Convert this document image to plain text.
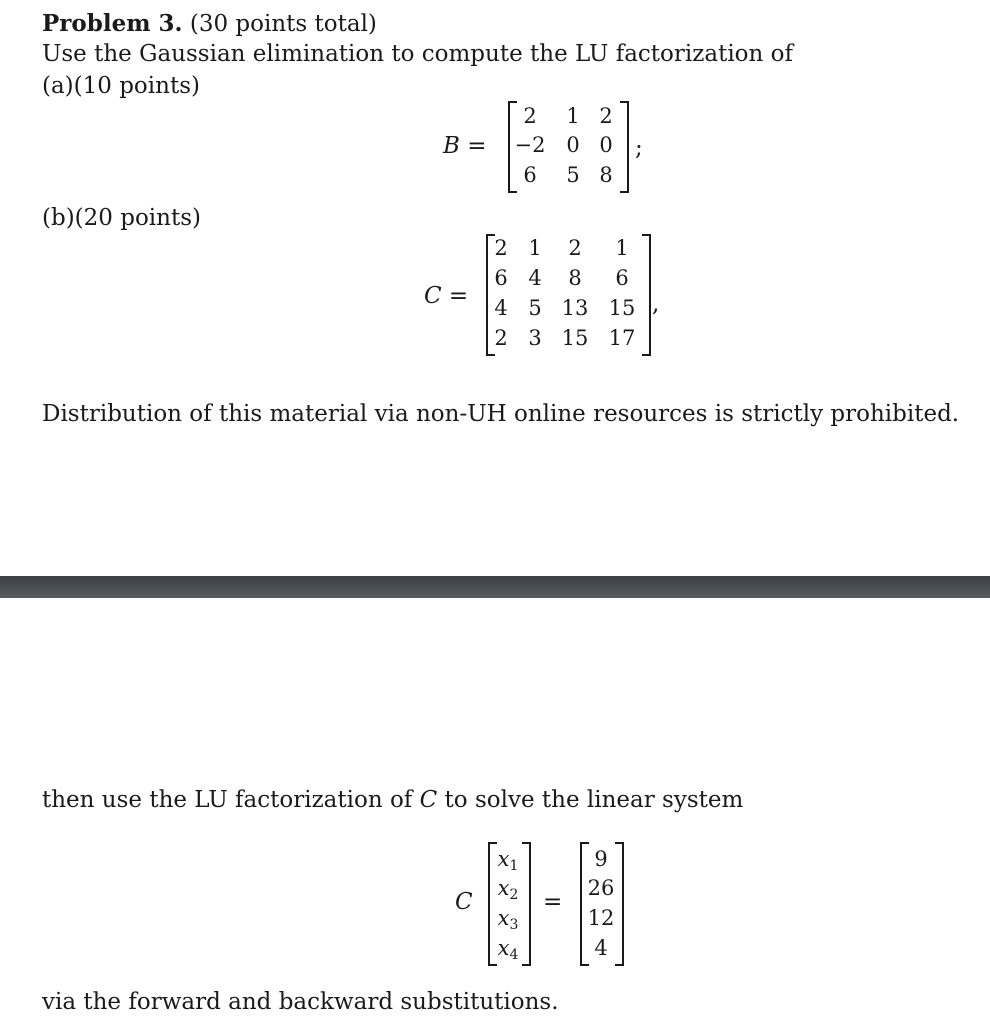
Problem 3. (30 points total)
Use the Gaussian elimination to compute the LU factorization of
(a)(10 points)
B =
2	1 2
−2 0 0
6	5 8
;
(b)(20 points)
C =
2 1	2	1
6 4	8	6
4 5 13 15
2 3 15 17
,
Distribution of this material via non-UH online resources is strictly prohibited.
then use the LU factorization of C to solve the linear system
C
$x_1$
$x_2$
$x_3$
$x_4$
=
9
26
12
4
via the forward and backward substitutions.
